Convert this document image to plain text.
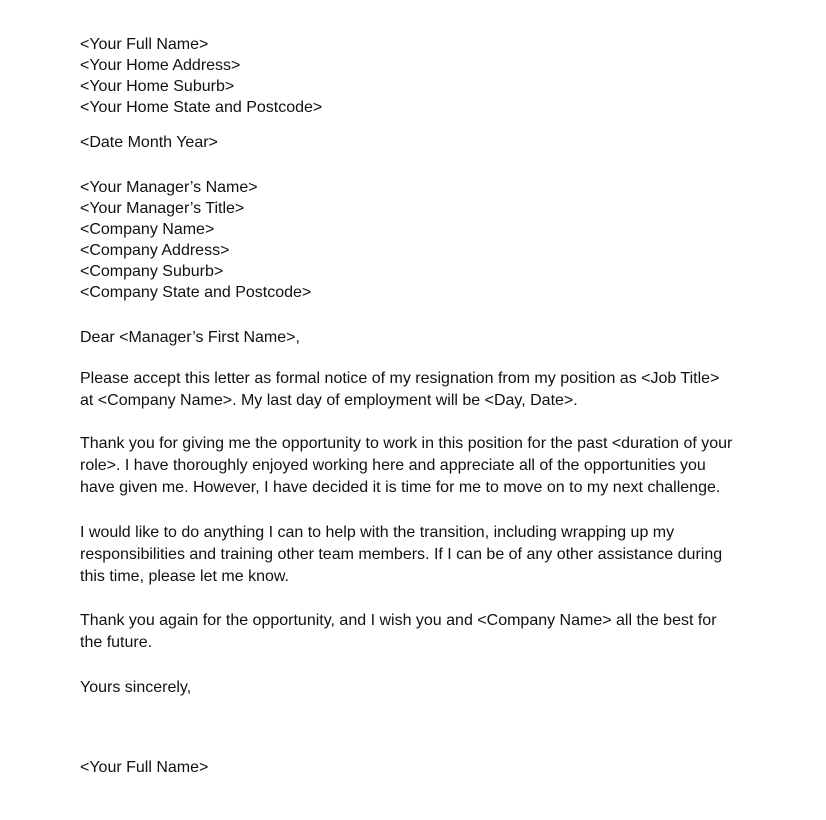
<Your Full Name>
<Your Home Address>
<Your Home Suburb>
<Your Home State and Postcode>
<Date Month Year>
<Your Manager’s Name>
<Your Manager’s Title>
<Company Name>
<Company Address>
<Company Suburb>
<Company State and Postcode>
Dear <Manager’s First Name>,
Please accept this letter as formal notice of my resignation from my position as <Job Title>
at <Company Name>. My last day of employment will be <Day, Date>.
Thank you for giving me the opportunity to work in this position for the past <duration of your
role>. I have thoroughly enjoyed working here and appreciate all of the opportunities you
have given me. However, I have decided it is time for me to move on to my next challenge.
I would like to do anything I can to help with the transition, including wrapping up my
responsibilities and training other team members. If I can be of any other assistance during
this time, please let me know.
Thank you again for the opportunity, and I wish you and <Company Name> all the best for
the future.
Yours sincerely,
<Your Full Name>
